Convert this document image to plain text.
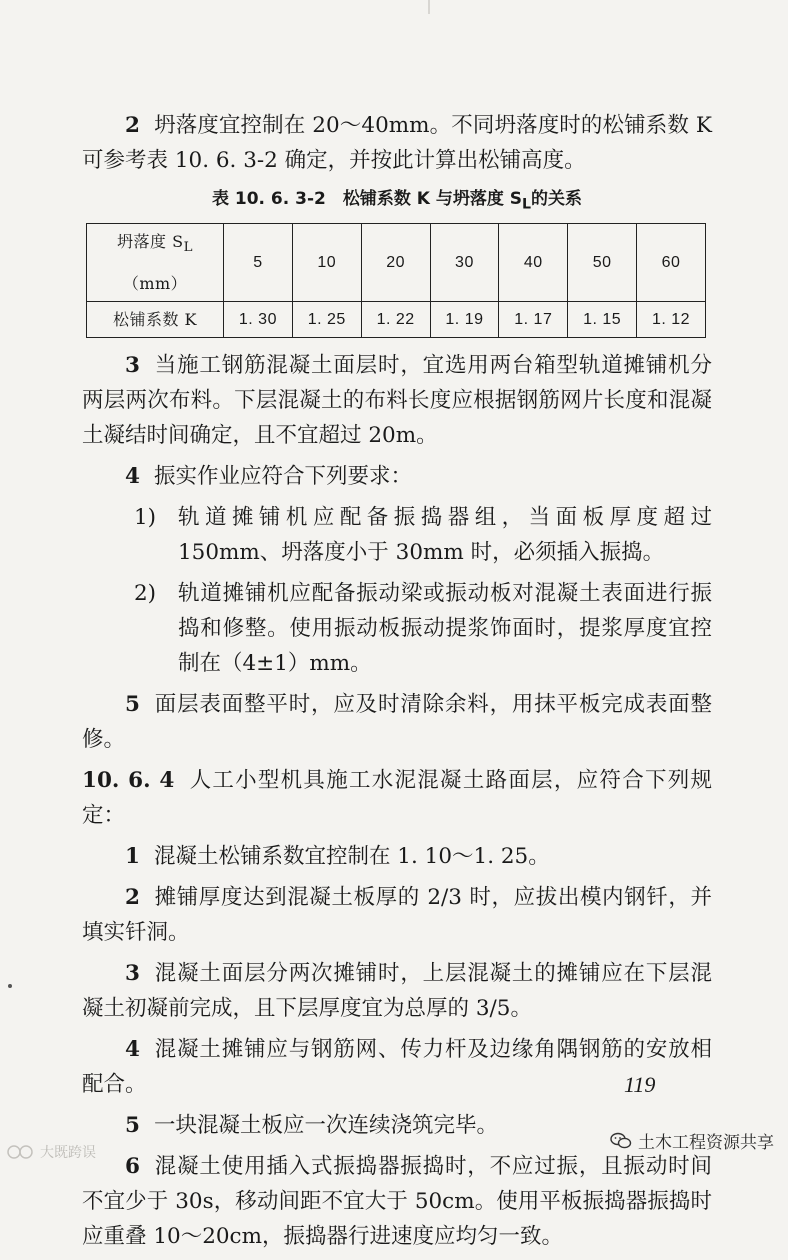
2 坍落度宜控制在 20～40mm。不同坍落度时的松铺系数 K 可参考表 10. 6. 3-2 确定，并按此计算出松铺高度。

表 10. 6. 3-2　松铺系数 K 与坍落度 $S_L$的关系
坍落度 $S_L(mm)$	5	10	20	30	40	50	60
松铺系数 K	1. 30	1. 25	1. 22	1. 19	1. 17	1. 15	1. 12

3 当施工钢筋混凝土面层时，宜选用两台箱型轨道摊铺机分两层两次布料。下层混凝土的布料长度应根据钢筋网片长度和混凝土凝结时间确定，且不宜超过 20m。

4 振实作业应符合下列要求：

1)	轨道摊铺机应配备振捣器组，当面板厚度超过 150mm、坍落度小于 30mm 时，必须插入振捣。
2)	轨道摊铺机应配备振动梁或振动板对混凝土表面进行振捣和修整。使用振动板振动提浆饰面时，提浆厚度宜控制在（4±1）mm。

5 面层表面整平时，应及时清除余料，用抹平板完成表面整修。

10. 6. 4 人工小型机具施工水泥混凝土路面层，应符合下列规定：

1 混凝土松铺系数宜控制在 1. 10～1. 25。

2 摊铺厚度达到混凝土板厚的 2/3 时，应拔出模内钢钎，并填实钎洞。

3 混凝土面层分两次摊铺时，上层混凝土的摊铺应在下层混凝土初凝前完成，且下层厚度宜为总厚的 3/5。

4 混凝土摊铺应与钢筋网、传力杆及边缘角隅钢筋的安放相配合。

5 一块混凝土板应一次连续浇筑完毕。

6 混凝土使用插入式振捣器振捣时，不应过振，且振动时间不宜少于 30s，移动间距不宜大于 50cm。使用平板振捣器振捣时应重叠 10～20cm，振捣器行进速度应均匀一致。

119
土木工程资源共享
大既跨误
